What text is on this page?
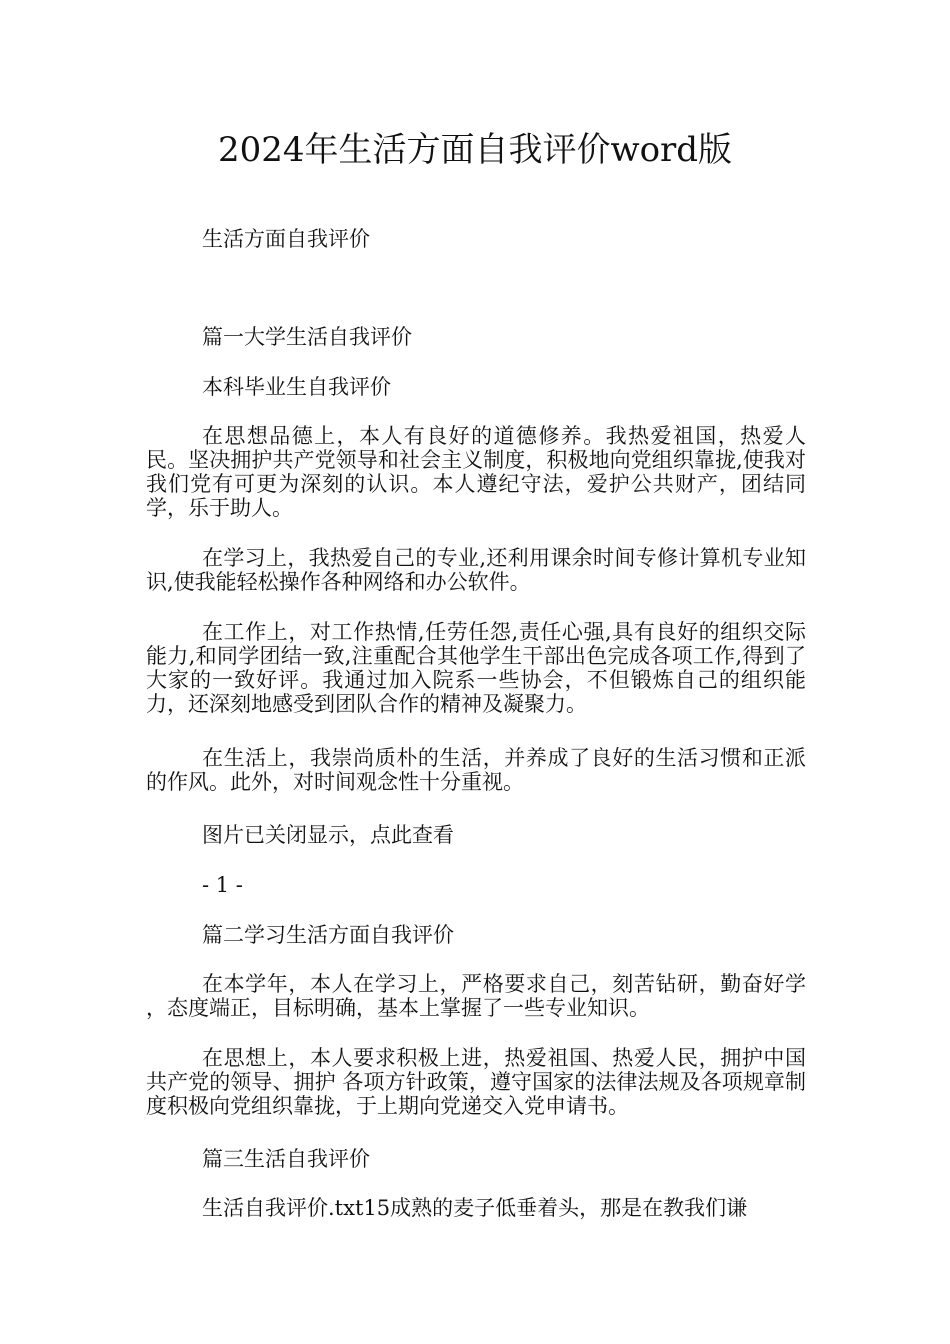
2024年生活方面自我评价word版

生活方面自我评价

篇一大学生活自我评价

本科毕业生自我评价

在思想品德上，本人有良好的道德修养。我热爱祖国，热爱人民。坚决拥护共产党领导和社会主义制度，积极地向党组织靠拢,使我对我们党有可更为深刻的认识。本人遵纪守法，爱护公共财产，团结同学，乐于助人。

在学习上，我热爱自己的专业,还利用课余时间专修计算机专业知识,使我能轻松操作各种网络和办公软件。

在工作上，对工作热情,任劳任怨,责任心强,具有良好的组织交际能力,和同学团结一致,注重配合其他学生干部出色完成各项工作,得到了大家的一致好评。我通过加入院系一些协会，不但锻炼自己的组织能力，还深刻地感受到团队合作的精神及凝聚力。

在生活上，我崇尚质朴的生活，并养成了良好的生活习惯和正派的作风。此外，对时间观念性十分重视。

图片已关闭显示，点此查看

- 1 -

篇二学习生活方面自我评价

在本学年，本人在学习上，严格要求自己，刻苦钻研，勤奋好学 ，态度端正，目标明确，基本上掌握了一些专业知识。

在思想上，本人要求积极上进，热爱祖国、热爱人民，拥护中国共产党的领导、拥护 各项方针政策，遵守国家的法律法规及各项规章制度积极向党组织靠拢，于上期向党递交入党申请书。

篇三生活自我评价

生活自我评价.txt15成熟的麦子低垂着头，那是在教我们谦
